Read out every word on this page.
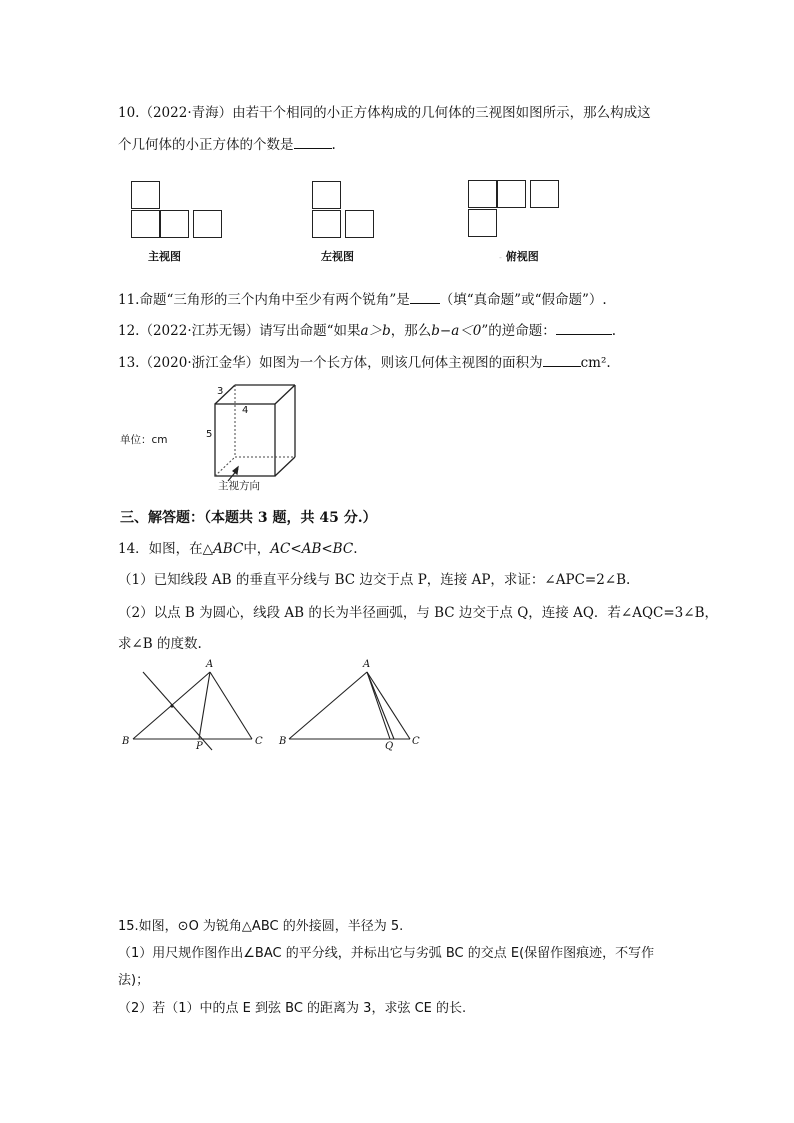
10.（2022·青海）由若干个相同的小正方体构成的几何体的三视图如图所示，那么构成这
个几何体的小正方体的个数是	.
主视图	左视图	- 俯视图
11.命题“三角形的三个内角中至少有两个锐角”是 （填“真命题”或“假命题”）.
12.（2022·江苏无锡）请写出命题“如果a＞b，那么b−a＜0”的逆命题：	.
13.（2020·浙江金华）如图为一个长方体，则该几何体主视图的面积为	cm².
单位：cm
3
4
5
主视方向
三、解答题：（本题共 3 题，共 45 分.）
14．如图，在△ABC中，AC<AB<BC.
（1）已知线段 AB 的垂直平分线与 BC 边交于点 P，连接 AP，求证：∠APC=2∠B.
（2）以点 B 为圆心，线段 AB 的长为半径画弧，与 BC 边交于点 Q，连接 AQ．若∠AQC=3∠B，
求∠B 的度数.
A
B	C
P
A
B	C
Q
15.如图，⊙O 为锐角△ABC 的外接圆，半径为 5.
（1）用尺规作图作出∠BAC 的平分线，并标出它与劣弧 BC 的交点 E(保留作图痕迹，不写作
法)；
（2）若（1）中的点 E 到弦 BC 的距离为 3，求弦 CE 的长.
